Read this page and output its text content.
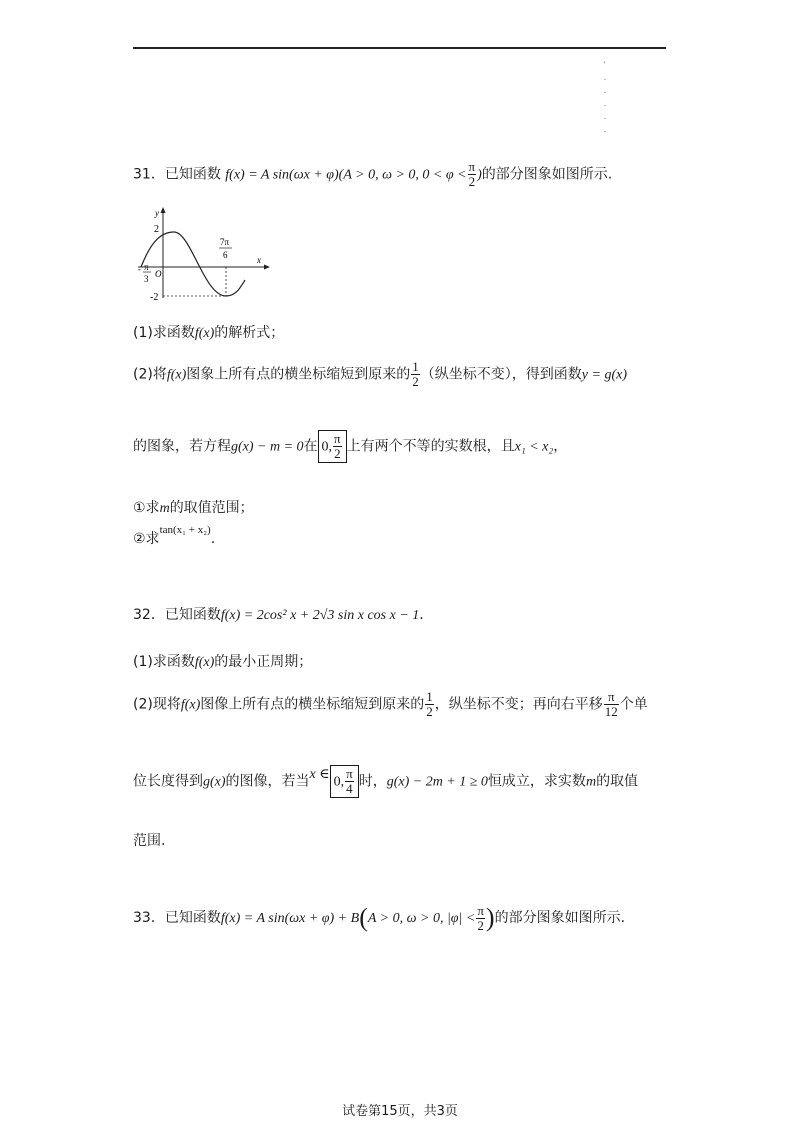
'
.
.
.
.
.
31．已知函数 f(x) = A sin(ωx + φ)(A > 0, ω > 0, $0 < \varphi < \frac{\pi}{2}$ )的部分图象如图所示.
y
x
O
2
-2
- π
3
7π
6
(1)求函数f(x)的解析式；
(2)将f(x)图象上所有点的横坐标缩短到原来的 $\frac{1}{2}$ （纵坐标不变），得到函数y = g(x)
的图象，若方程g(x) − m = 0在 0, $\frac{\pi}{2}$ 上有两个不等的实数根，且x₁ < x₂，
①求m的取值范围；
②求$^{tan(x_1 + x_2)}$.
32．已知函数f(x) = 2cos² x + 2√3 sin x cos x − 1.
(1)求函数f(x)的最小正周期；
(2)现将f(x)图像上所有点的横坐标缩短到原来的 $\frac{1}{2}$ ，纵坐标不变；再向右平移 $\frac{\pi}{12}$ 个单
位长度得到g(x)的图像，若当x ∈0, $\frac{\pi}{4}$ 时，g(x) − 2m + 1 ≥ 0恒成立，求实数m的取值
范围.
33．已知函数f(x) = A sin(ωx + φ) + B(A > 0, ω > 0, $|\varphi| < \frac{\pi}{2}$ )的部分图象如图所示.
试卷第15页，共3页
